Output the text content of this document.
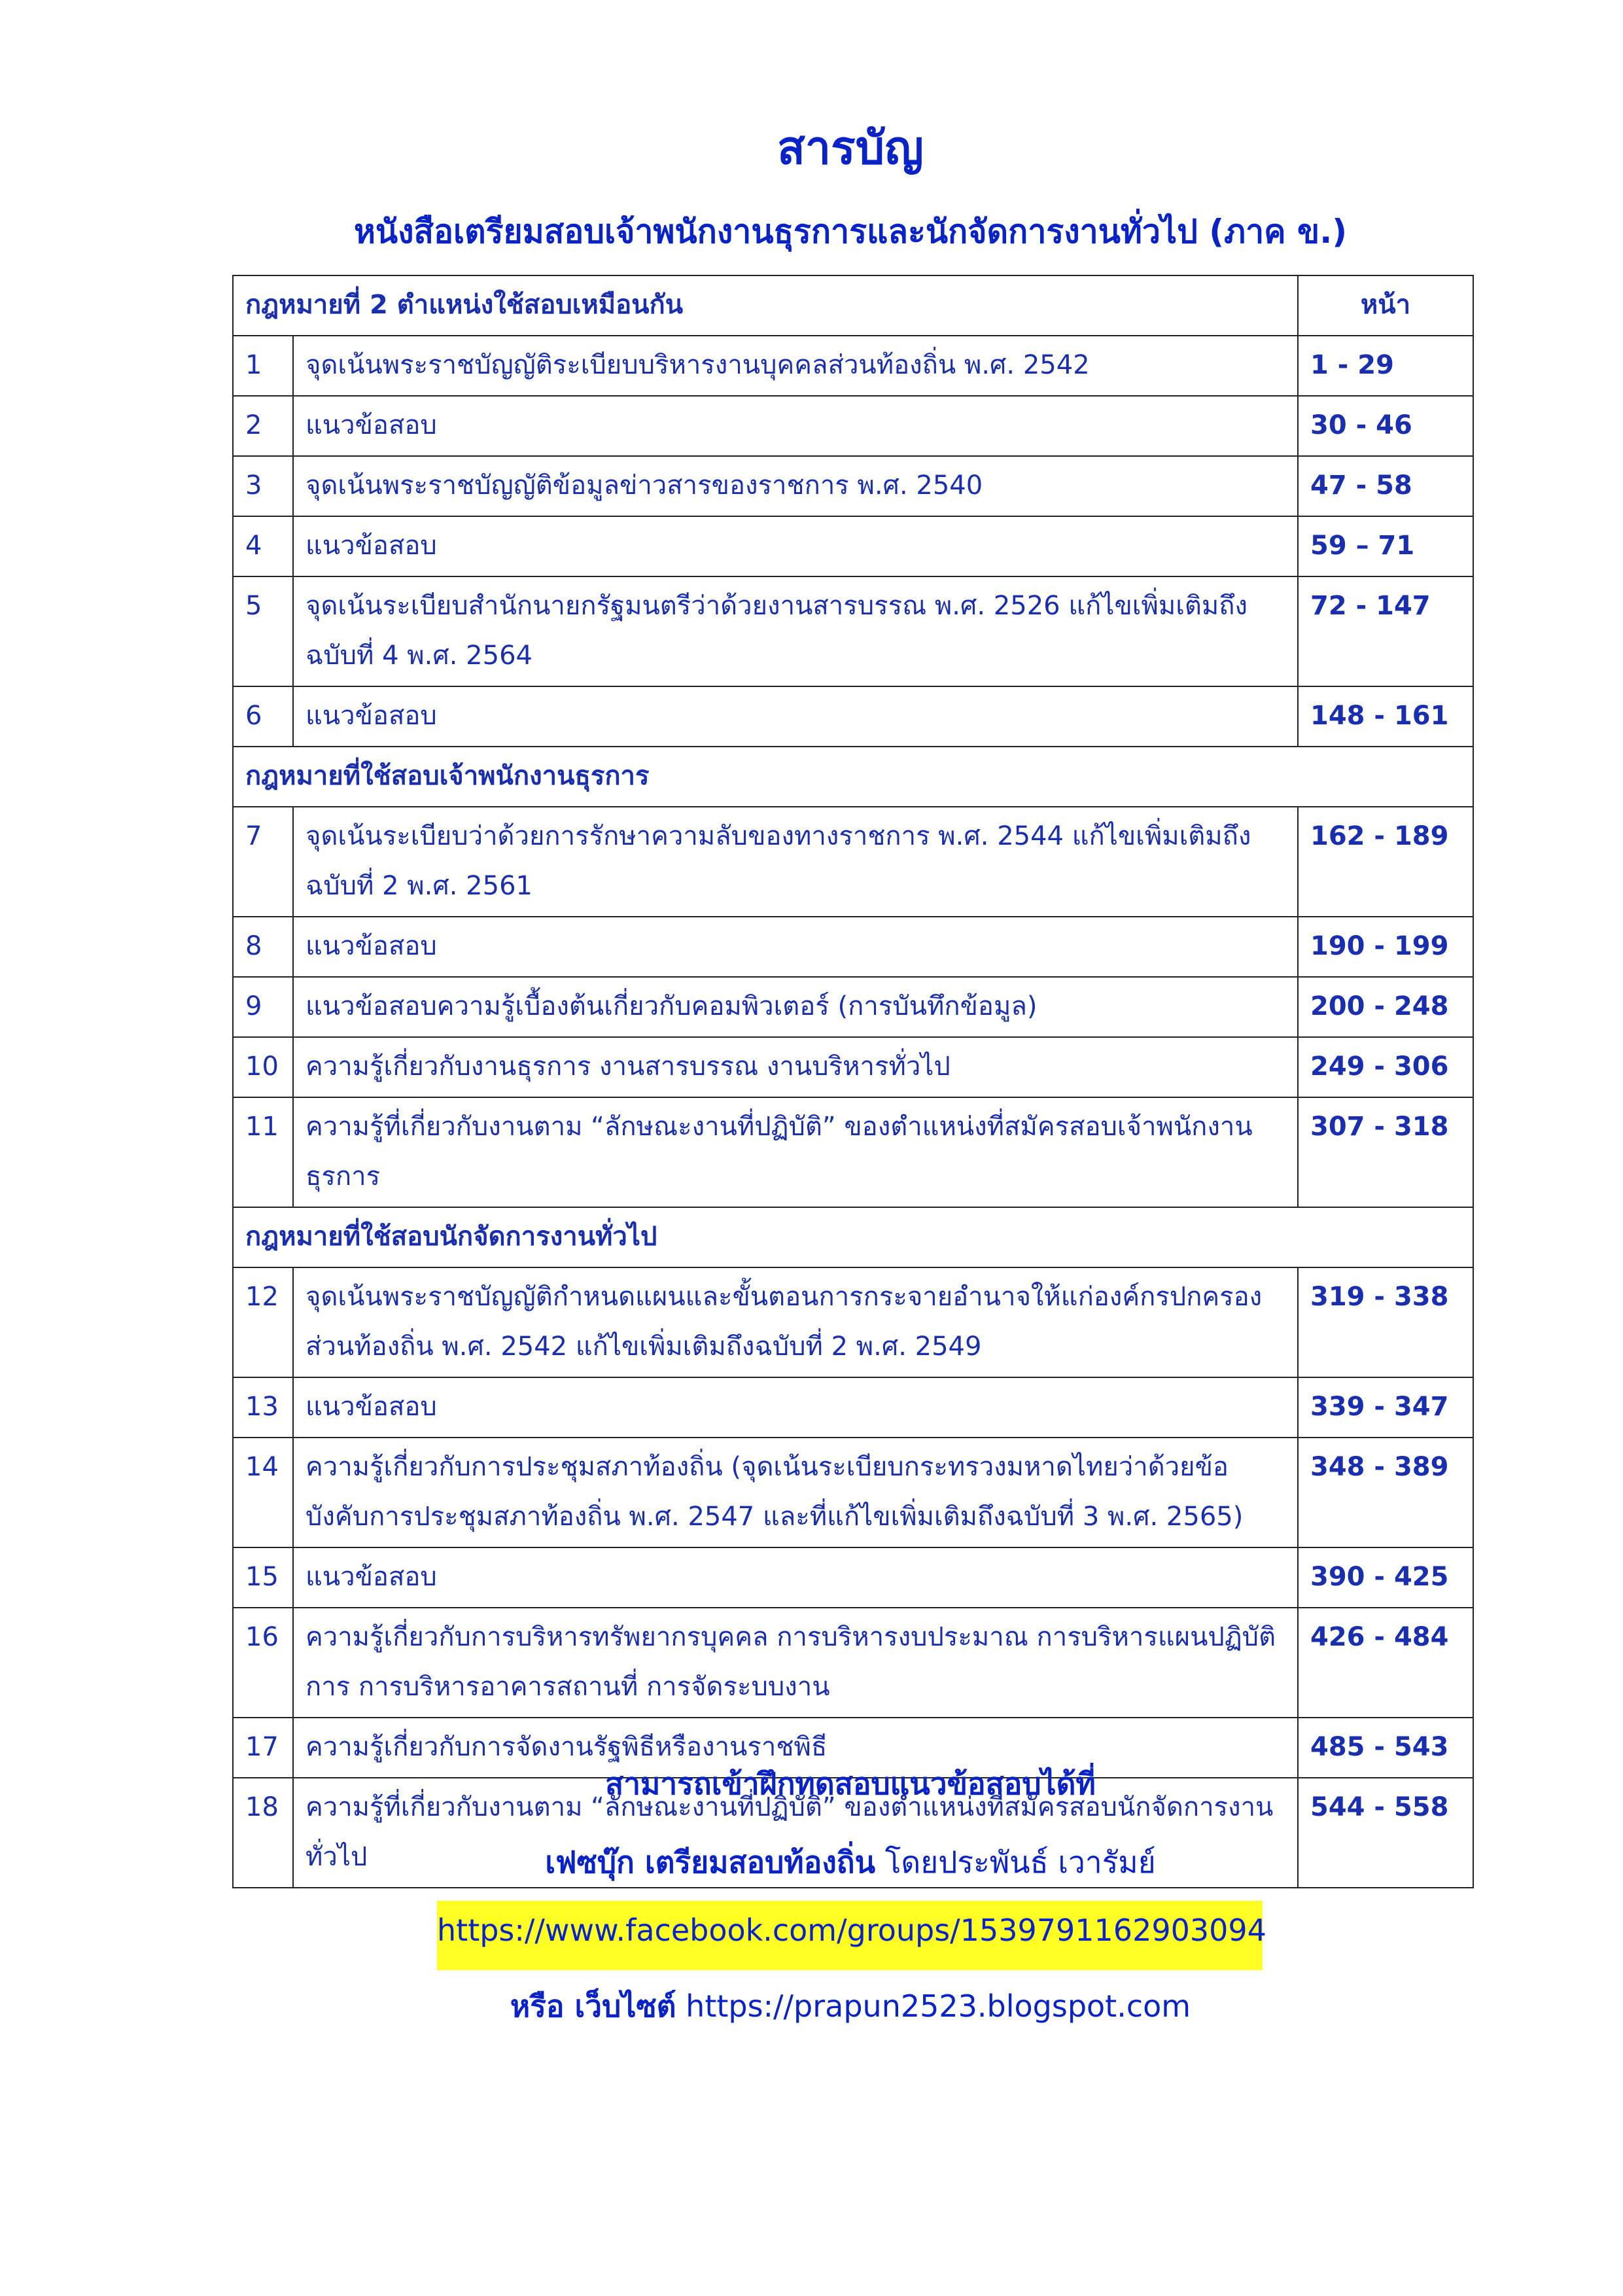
สารบัญ
หนังสือเตรียมสอบเจ้าพนักงานธุรการและนักจัดการงานทั่วไป (ภาค ข.)
กฎหมายที่ 2 ตำแหน่งใช้สอบเหมือนกัน		หน้า
1	จุดเน้นพระราชบัญญัติระเบียบบริหารงานบุคคลส่วนท้องถิ่น พ.ศ. 2542	1 - 29
2	แนวข้อสอบ	30 - 46
3	จุดเน้นพระราชบัญญัติข้อมูลข่าวสารของราชการ พ.ศ. 2540	47 - 58
4	แนวข้อสอบ	59 – 71
5	จุดเน้นระเบียบสำนักนายกรัฐมนตรีว่าด้วยงานสารบรรณ พ.ศ. 2526 แก้ไขเพิ่มเติมถึงฉบับที่ 4 พ.ศ. 2564	72 - 147
6	แนวข้อสอบ	148 - 161
กฎหมายที่ใช้สอบเจ้าพนักงานธุรการ		
7	จุดเน้นระเบียบว่าด้วยการรักษาความลับของทางราชการ พ.ศ. 2544 แก้ไขเพิ่มเติมถึงฉบับที่ 2 พ.ศ. 2561	162 - 189
8	แนวข้อสอบ	190 - 199
9	แนวข้อสอบความรู้เบื้องต้นเกี่ยวกับคอมพิวเตอร์ (การบันทึกข้อมูล)	200 - 248
10	ความรู้เกี่ยวกับงานธุรการ งานสารบรรณ งานบริหารทั่วไป	249 - 306
11	ความรู้ที่เกี่ยวกับงานตาม “ลักษณะงานที่ปฏิบัติ” ของตำแหน่งที่สมัครสอบเจ้าพนักงานธุรการ	307 - 318
กฎหมายที่ใช้สอบนักจัดการงานทั่วไป		
12	จุดเน้นพระราชบัญญัติกำหนดแผนและขั้นตอนการกระจายอำนาจให้แก่องค์กรปกครองส่วนท้องถิ่น พ.ศ. 2542 แก้ไขเพิ่มเติมถึงฉบับที่ 2 พ.ศ. 2549	319 - 338
13	แนวข้อสอบ	339 - 347
14	ความรู้เกี่ยวกับการประชุมสภาท้องถิ่น (จุดเน้นระเบียบกระทรวงมหาดไทยว่าด้วยข้อบังคับการประชุมสภาท้องถิ่น พ.ศ. 2547 และที่แก้ไขเพิ่มเติมถึงฉบับที่ 3 พ.ศ. 2565)	348 - 389
15	แนวข้อสอบ	390 - 425
16	ความรู้เกี่ยวกับการบริหารทรัพยากรบุคคล การบริหารงบประมาณ การบริหารแผนปฏิบัติการ การบริหารอาคารสถานที่ การจัดระบบงาน	426 - 484
17	ความรู้เกี่ยวกับการจัดงานรัฐพิธีหรืองานราชพิธี	485 - 543
18	ความรู้ที่เกี่ยวกับงานตาม “ลักษณะงานที่ปฏิบัติ” ของตำแหน่งที่สมัครสอบนักจัดการงานทั่วไป	544 - 558
สามารถเข้าฝึกทดสอบแนวข้อสอบได้ที่
เฟซบุ๊ก เตรียมสอบท้องถิ่น โดยประพันธ์ เวารัมย์
https://www.facebook.com/groups/1539791162903094
หรือ เว็บไซต์ https://prapun2523.blogspot.com
